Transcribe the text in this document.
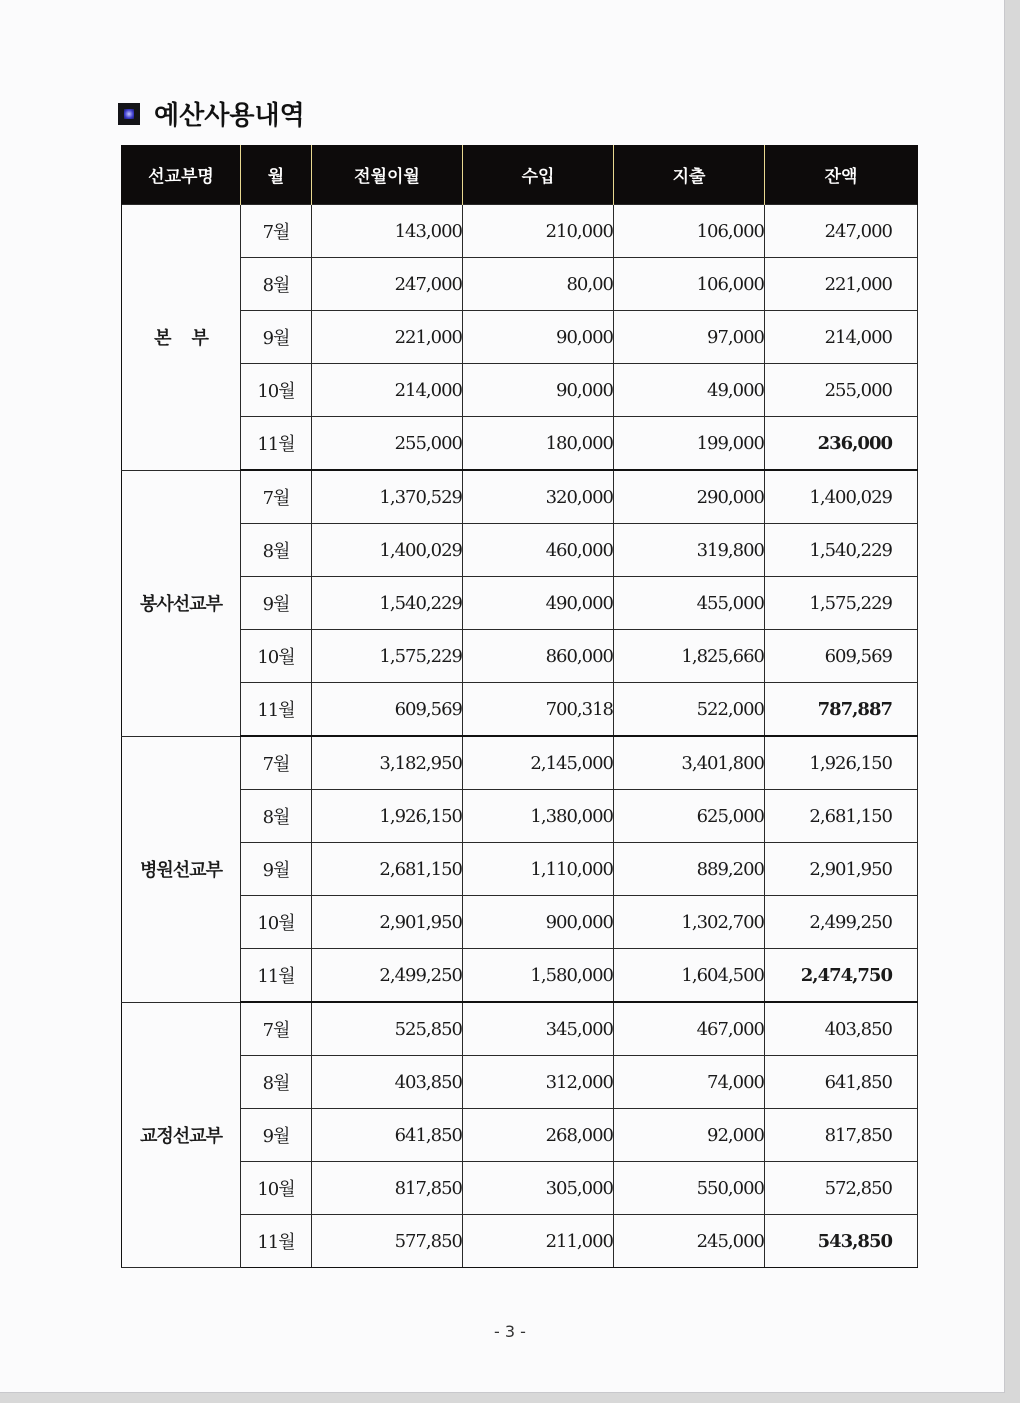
예산사용내역
선교부명	월	전월이월	수입	지출	잔액
본    부	7월	143,000	210,000	106,000	247,000
	8월	247,000	80,00	106,000	221,000
	9월	221,000	90,000	97,000	214,000
	10월	214,000	90,000	49,000	255,000
	11월	255,000	180,000	199,000	236,000
봉사선교부	7월	1,370,529	320,000	290,000	1,400,029
	8월	1,400,029	460,000	319,800	1,540,229
	9월	1,540,229	490,000	455,000	1,575,229
	10월	1,575,229	860,000	1,825,660	609,569
	11월	609,569	700,318	522,000	787,887
병원선교부	7월	3,182,950	2,145,000	3,401,800	1,926,150
	8월	1,926,150	1,380,000	625,000	2,681,150
	9월	2,681,150	1,110,000	889,200	2,901,950
	10월	2,901,950	900,000	1,302,700	2,499,250
	11월	2,499,250	1,580,000	1,604,500	2,474,750
교정선교부	7월	525,850	345,000	467,000	403,850
	8월	403,850	312,000	74,000	641,850
	9월	641,850	268,000	92,000	817,850
	10월	817,850	305,000	550,000	572,850
	11월	577,850	211,000	245,000	543,850
- 3 -
